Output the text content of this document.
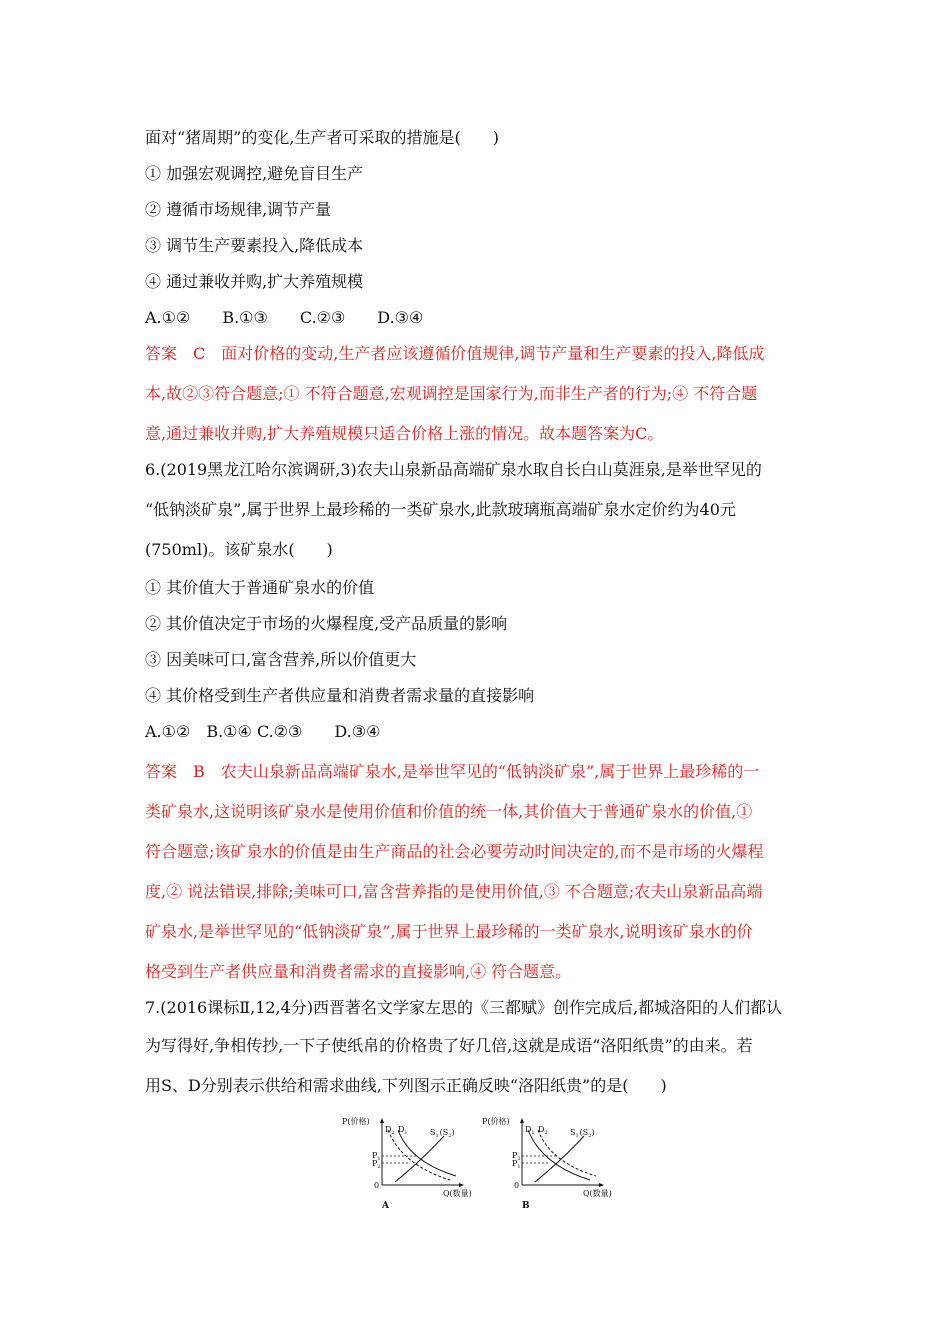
面对“猪周期”的变化,生产者可采取的措施是(　　)
① 加强宏观调控,避免盲目生产
② 遵循市场规律,调节产量
③ 调节生产要素投入,降低成本
④ 通过兼收并购,扩大养殖规模
A.①②　　B.①③　　C.②③　　D.③④
答案　C　面对价格的变动,生产者应该遵循价值规律,调节产量和生产要素的投入,降低成
本,故②③符合题意;① 不符合题意,宏观调控是国家行为,而非生产者的行为;④ 不符合题
意,通过兼收并购,扩大养殖规模只适合价格上涨的情况。故本题答案为C。
6.(2019黑龙江哈尔滨调研,3)农夫山泉新品高端矿泉水取自长白山莫涯泉,是举世罕见的
“低钠淡矿泉”,属于世界上最珍稀的一类矿泉水,此款玻璃瓶高端矿泉水定价约为40元
(750ml)。该矿泉水(　　)
① 其价值大于普通矿泉水的价值
② 其价值决定于市场的火爆程度,受产品质量的影响
③ 因美味可口,富含营养,所以价值更大
④ 其价格受到生产者供应量和消费者需求量的直接影响
A.①②　B.①④ C.②③　　D.③④
答案　B　农夫山泉新品高端矿泉水,是举世罕见的“低钠淡矿泉”,属于世界上最珍稀的一
类矿泉水,这说明该矿泉水是使用价值和价值的统一体,其价值大于普通矿泉水的价值,①
符合题意;该矿泉水的价值是由生产商品的社会必要劳动时间决定的,而不是市场的火爆程
度,② 说法错误,排除;美味可口,富含营养指的是使用价值,③ 不合题意;农夫山泉新品高端
矿泉水,是举世罕见的“低钠淡矿泉”,属于世界上最珍稀的一类矿泉水,说明该矿泉水的价
格受到生产者供应量和消费者需求的直接影响,④ 符合题意。
7.(2016课标Ⅱ,12,4分)西晋著名文学家左思的《三都赋》创作完成后,都城洛阳的人们都认
为写得好,争相传抄,一下子使纸帛的价格贵了好几倍,这就是成语“洛阳纸贵”的由来。若
用S、D分别表示供给和需求曲线,下列图示正确反映“洛阳纸贵”的是(　　)
P(价格)
Q(数量)
0
$D_2$ $D_1$	$S_1(S_2)$
$P_1$
$P_2$
A
P(价格)
Q(数量)
0
$D_1$ $D_2$	$S_1(S_2)$
$P_2$
$P_1$
B
